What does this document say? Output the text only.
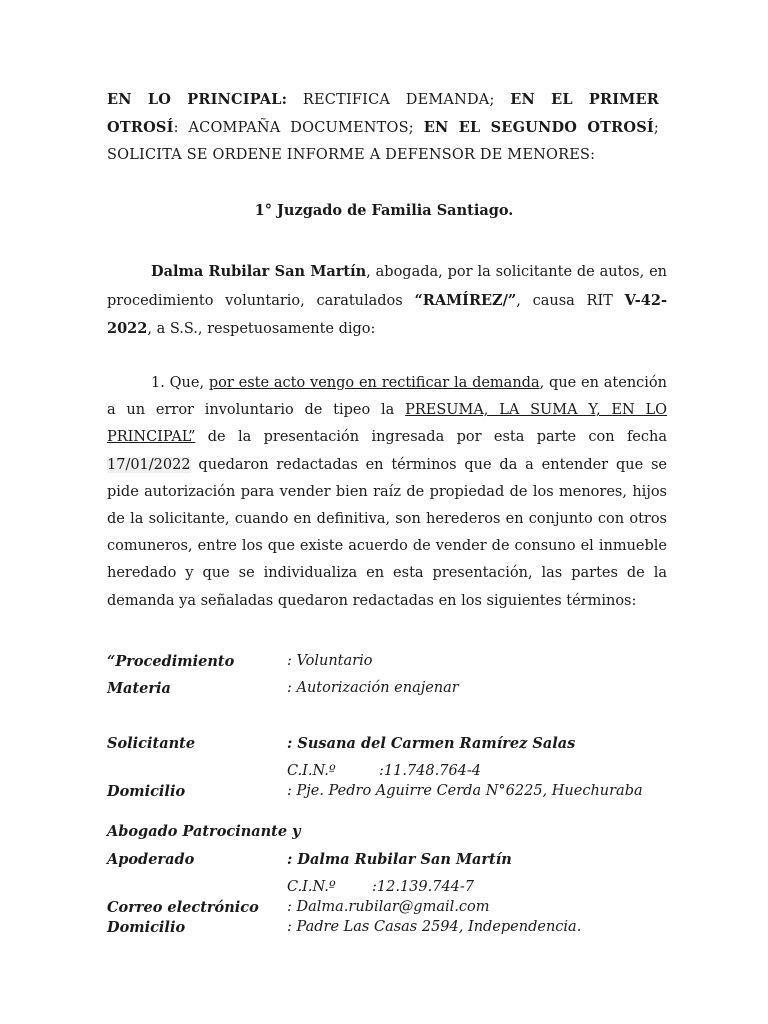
EN LO PRINCIPAL: RECTIFICA DEMANDA; EN EL PRIMER OTROSÍ: ACOMPAÑA DOCUMENTOS; EN EL SEGUNDO OTROSÍ; SOLICITA SE ORDENE INFORME A DEFENSOR DE MENORES:
1° Juzgado de Familia Santiago.
Dalma Rubilar San Martín, abogada, por la solicitante de autos, en procedimiento voluntario, caratulados “RAMÍREZ/”, causa RIT V-42-2022, a S.S., respetuosamente digo:
1. Que, por este acto vengo en rectificar la demanda, que en atención a un error involuntario de tipeo la PRESUMA, LA SUMA Y, EN LO PRINCIPAL” de la presentación ingresada por esta parte con fecha 17/01/2022 quedaron redactadas en términos que da a entender que se pide autorización para vender bien raíz de propiedad de los menores, hijos de la solicitante, cuando en definitiva, son herederos en conjunto con otros comuneros, entre los que existe acuerdo de vender de consuno el inmueble heredado y que se individualiza en esta presentación, las partes de la demanda ya señaladas quedaron redactadas en los siguientes términos:
“Procedimiento	: Voluntario
Materia	: Autorización enajenar
Solicitante	: Susana del Carmen Ramírez Salas
C.I.N.º	:11.748.764-4
Domicilio	: Pje. Pedro Aguirre Cerda N°6225, Huechuraba
Abogado Patrocinante y
Apoderado	: Dalma Rubilar San Martín
C.I.N.º	:12.139.744-7
Correo electrónico : Dalma.rubilar@gmail.com
Domicilio	: Padre Las Casas 2594, Independencia.
